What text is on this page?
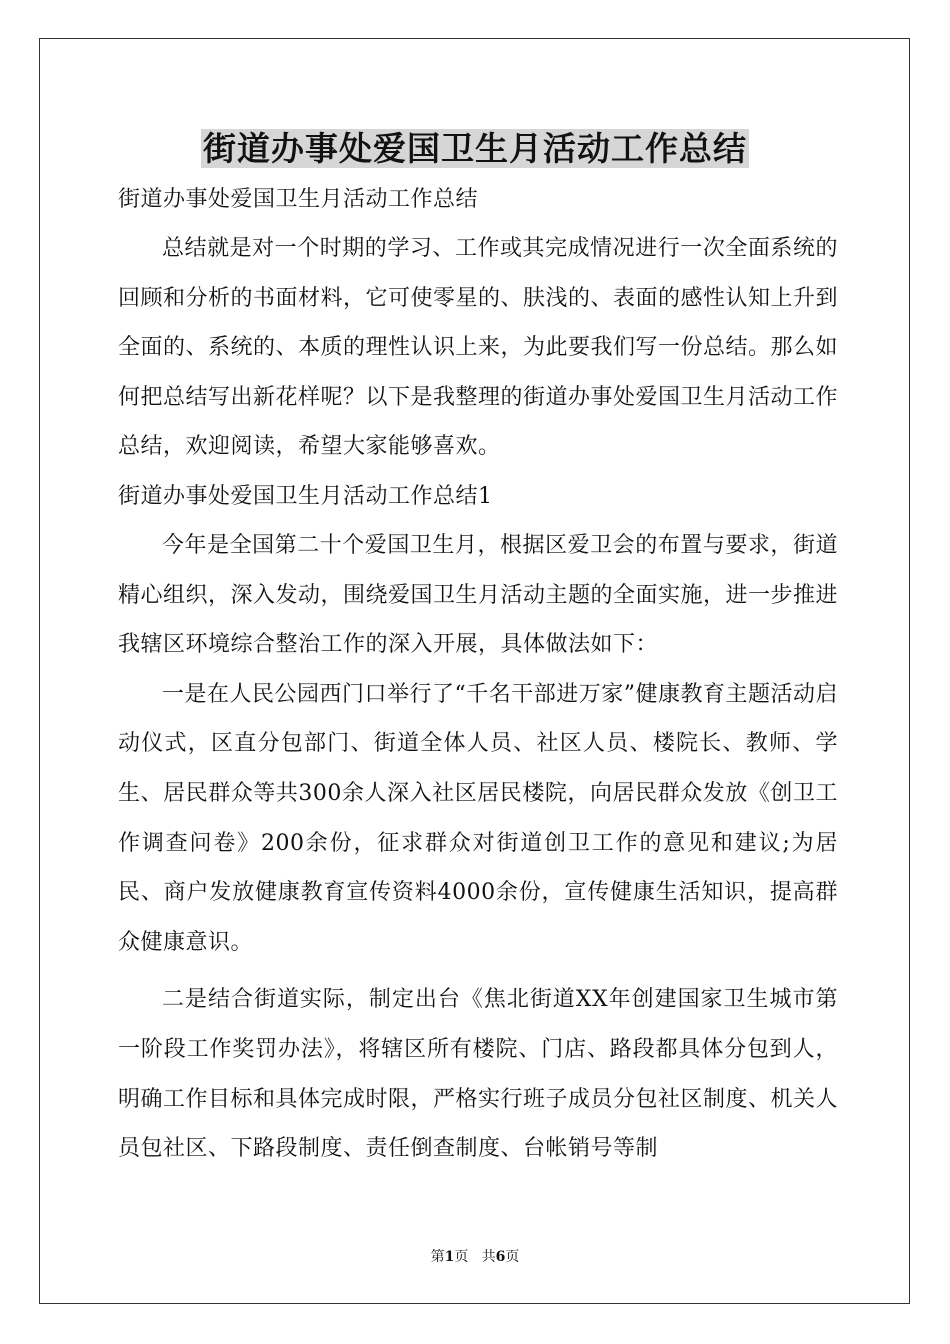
街道办事处爱国卫生月活动工作总结

街道办事处爱国卫生月活动工作总结

总结就是对一个时期的学习、工作或其完成情况进行一次全面系统的回顾和分析的书面材料，它可使零星的、肤浅的、表面的感性认知上升到全面的、系统的、本质的理性认识上来，为此要我们写一份总结。那么如何把总结写出新花样呢？以下是我整理的街道办事处爱国卫生月活动工作总结，欢迎阅读，希望大家能够喜欢。

街道办事处爱国卫生月活动工作总结1

今年是全国第二十个爱国卫生月，根据区爱卫会的布置与要求，街道精心组织，深入发动，围绕爱国卫生月活动主题的全面实施，进一步推进我辖区环境综合整治工作的深入开展，具体做法如下：

一是在人民公园西门口举行了“千名干部进万家”健康教育主题活动启动仪式，区直分包部门、街道全体人员、社区人员、楼院长、教师、学生、居民群众等共300余人深入社区居民楼院，向居民群众发放《创卫工作调查问卷》200余份，征求群众对街道创卫工作的意见和建议;为居民、商户发放健康教育宣传资料4000余份，宣传健康生活知识，提高群众健康意识。

二是结合街道实际，制定出台《焦北街道XX年创建国家卫生城市第一阶段工作奖罚办法》，将辖区所有楼院、门店、路段都具体分包到人，明确工作目标和具体完成时限，严格实行班子成员分包社区制度、机关人员包社区、下路段制度、责任倒查制度、台帐销号等制

第1页 共6页
